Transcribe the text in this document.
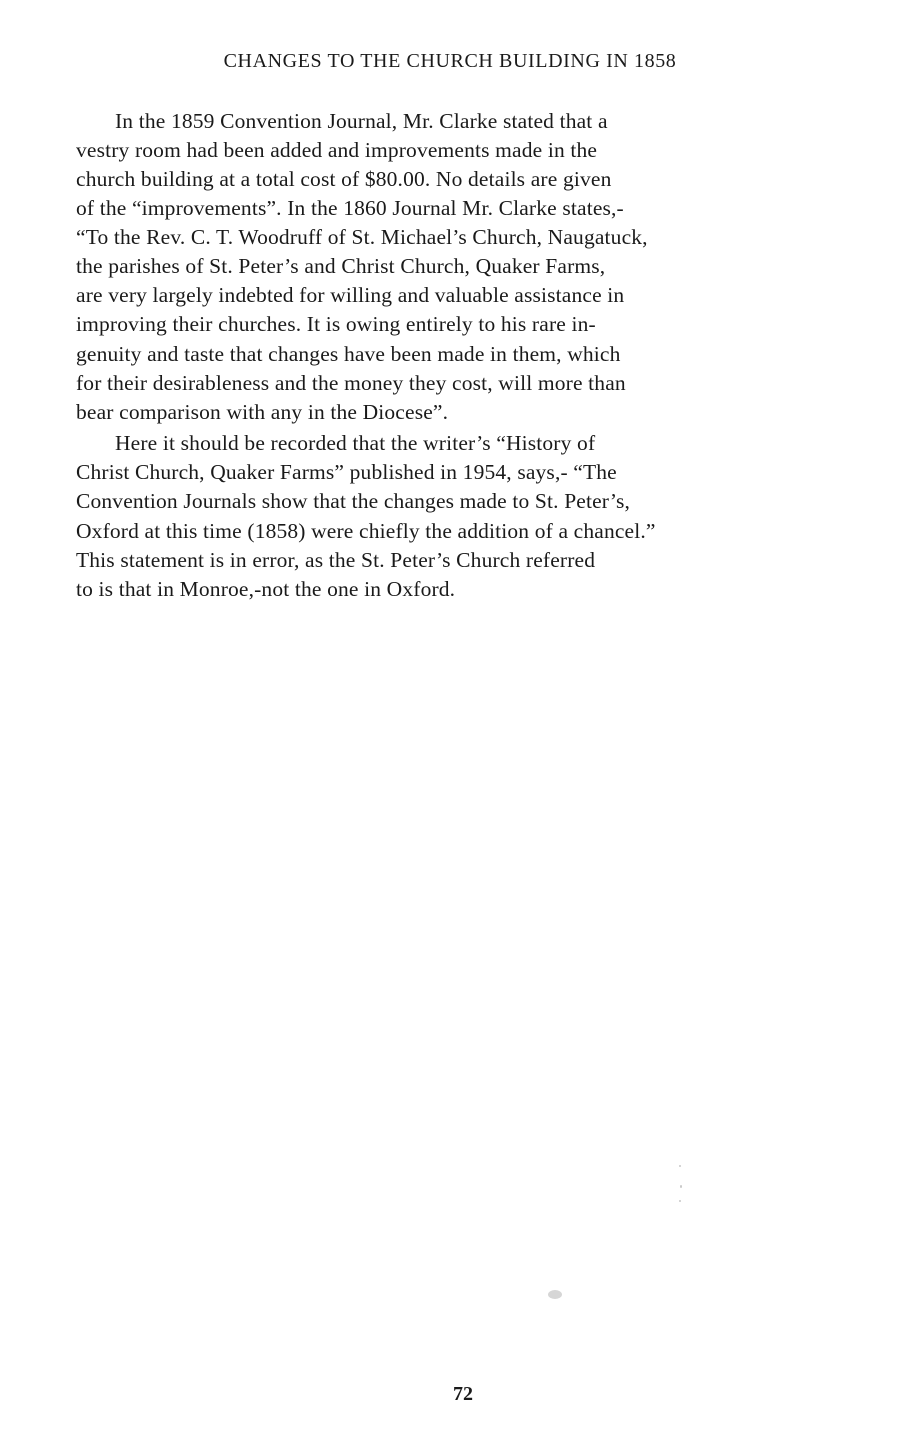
CHANGES TO THE CHURCH BUILDING IN 1858
In the 1859 Convention Journal, Mr. Clarke stated that a
vestry room had been added and improvements made in the
church building at a total cost of $80.00. No details are given
of the “improvements”. In the 1860 Journal Mr. Clarke states,-
“To the Rev. C. T. Woodruff of St. Michael’s Church, Naugatuck,
the parishes of St. Peter’s and Christ Church, Quaker Farms,
are very largely indebted for willing and valuable assistance in
improving their churches. It is owing entirely to his rare in-
genuity and taste that changes have been made in them, which
for their desirableness and the money they cost, will more than
bear comparison with any in the Diocese”.
Here it should be recorded that the writer’s “History of
Christ Church, Quaker Farms” published in 1954, says,- “The
Convention Journals show that the changes made to St. Peter’s,
Oxford at this time (1858) were chiefly the addition of a chancel.”
This statement is in error, as the St. Peter’s Church referred
to is that in Monroe,-not the one in Oxford.
72
